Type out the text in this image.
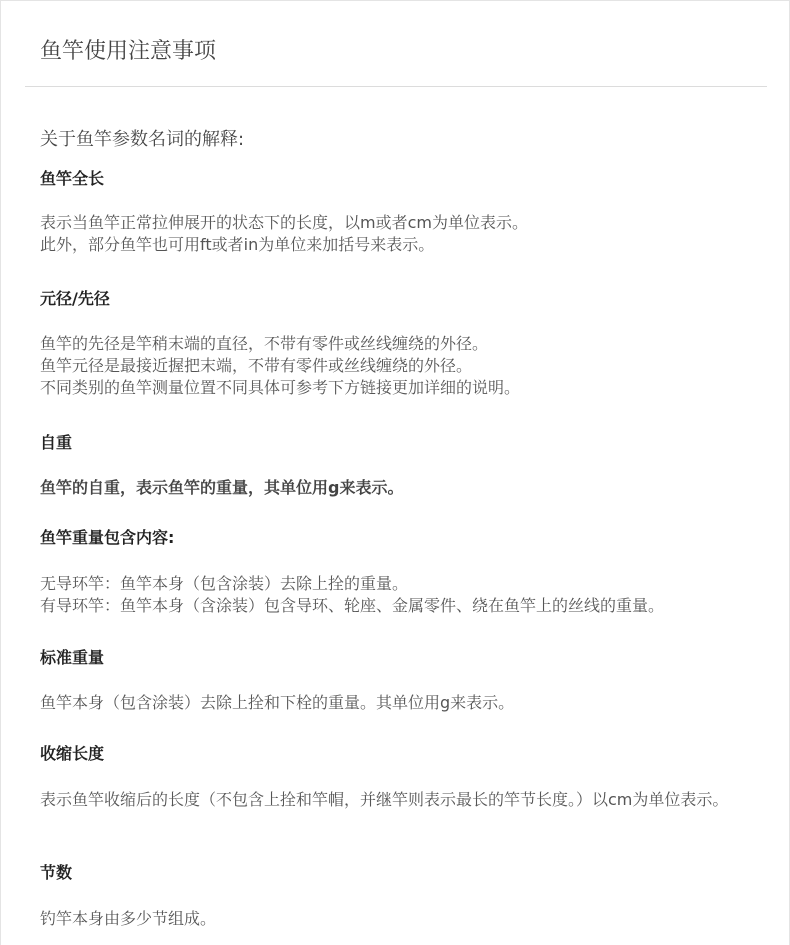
鱼竿使用注意事项
关于鱼竿参数名词的解释:
鱼竿全长
表示当鱼竿正常拉伸展开的状态下的长度，以m或者cm为单位表示。
此外，部分鱼竿也可用ft或者in为单位来加括号来表示。
元径/先径
鱼竿的先径是竿稍末端的直径，不带有零件或丝线缠绕的外径。
鱼竿元径是最接近握把末端，不带有零件或丝线缠绕的外径。
不同类别的鱼竿测量位置不同具体可参考下方链接更加详细的说明。
自重
鱼竿的自重，表示鱼竿的重量，其单位用g来表示。
鱼竿重量包含内容:
无导环竿：鱼竿本身（包含涂装）去除上拴的重量。
有导环竿：鱼竿本身（含涂装）包含导环、轮座、金属零件、绕在鱼竿上的丝线的重量。
标准重量
鱼竿本身（包含涂装）去除上拴和下栓的重量。其单位用g来表示。
收缩长度
表示鱼竿收缩后的长度（不包含上拴和竿帽，并继竿则表示最长的竿节长度。）以cm为单位表示。
节数
钓竿本身由多少节组成。
